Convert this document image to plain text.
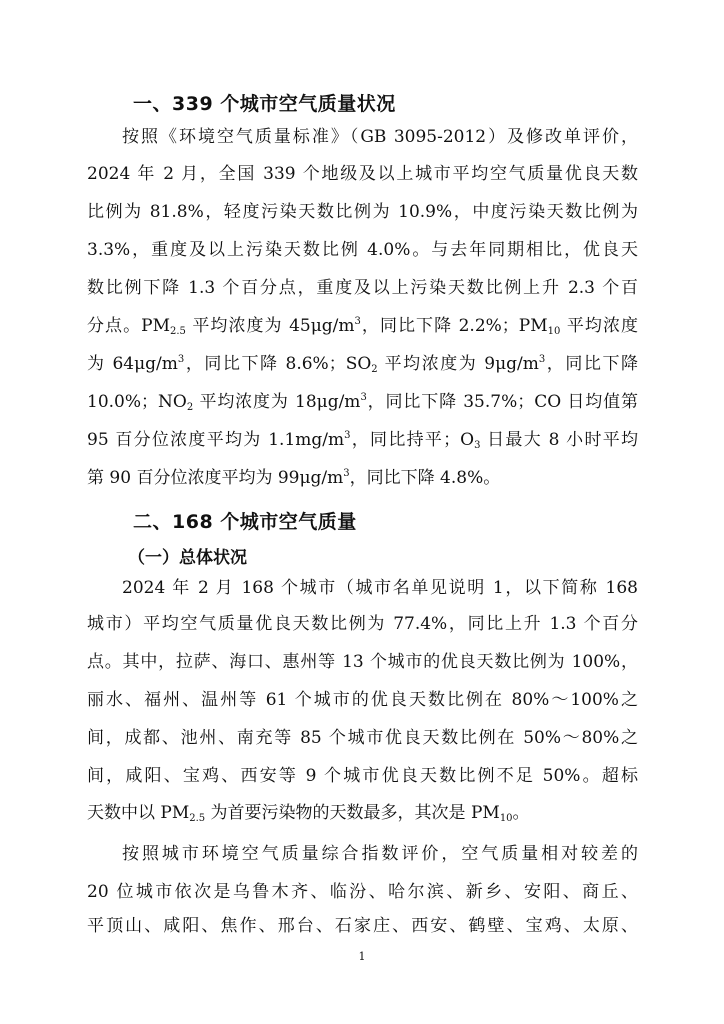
一、339 个城市空气质量状况
按照《环境空气质量标准》（GB 3095-2012）及修改单评价，
2024 年 2 月，全国 339 个地级及以上城市平均空气质量优良天数
比例为 81.8%，轻度污染天数比例为 10.9%，中度污染天数比例为
3.3%，重度及以上污染天数比例 4.0%。与去年同期相比，优良天
数比例下降 1.3 个百分点，重度及以上污染天数比例上升 2.3 个百
分点。$PM_{2.5}$ 平均浓度为 $45\mu g/m^3$，同比下降 2.2%；$PM_{10}$ 平均浓度
为 $64\mu g/m^3$，同比下降 8.6%；$SO_2$ 平均浓度为 $9\mu g/m^3$，同比下降
10.0%；$NO_2$ 平均浓度为 $18\mu g/m^3$，同比下降 35.7%；CO 日均值第
95 百分位浓度平均为 $1.1mg/m^3$，同比持平；$O_3$ 日最大 8 小时平均
第 90 百分位浓度平均为 $99\mu g/m^3$，同比下降 4.8%。
二、168 个城市空气质量
（一）总体状况
2024 年 2 月 168 个城市（城市名单见说明 1，以下简称 168
城市）平均空气质量优良天数比例为 77.4%，同比上升 1.3 个百分
点。其中，拉萨、海口、惠州等 13 个城市的优良天数比例为 100%，
丽水、福州、温州等 61 个城市的优良天数比例在 80%～100%之
间，成都、池州、南充等 85 个城市优良天数比例在 50%～80%之
间，咸阳、宝鸡、西安等 9 个城市优良天数比例不足 50%。超标
天数中以 $PM_{2.5}$ 为首要污染物的天数最多，其次是 $PM_{10}$。
按照城市环境空气质量综合指数评价，空气质量相对较差的
20 位城市依次是乌鲁木齐、临汾、哈尔滨、新乡、安阳、商丘、
平顶山、咸阳、焦作、邢台、石家庄、西安、鹤壁、宝鸡、太原、
1
